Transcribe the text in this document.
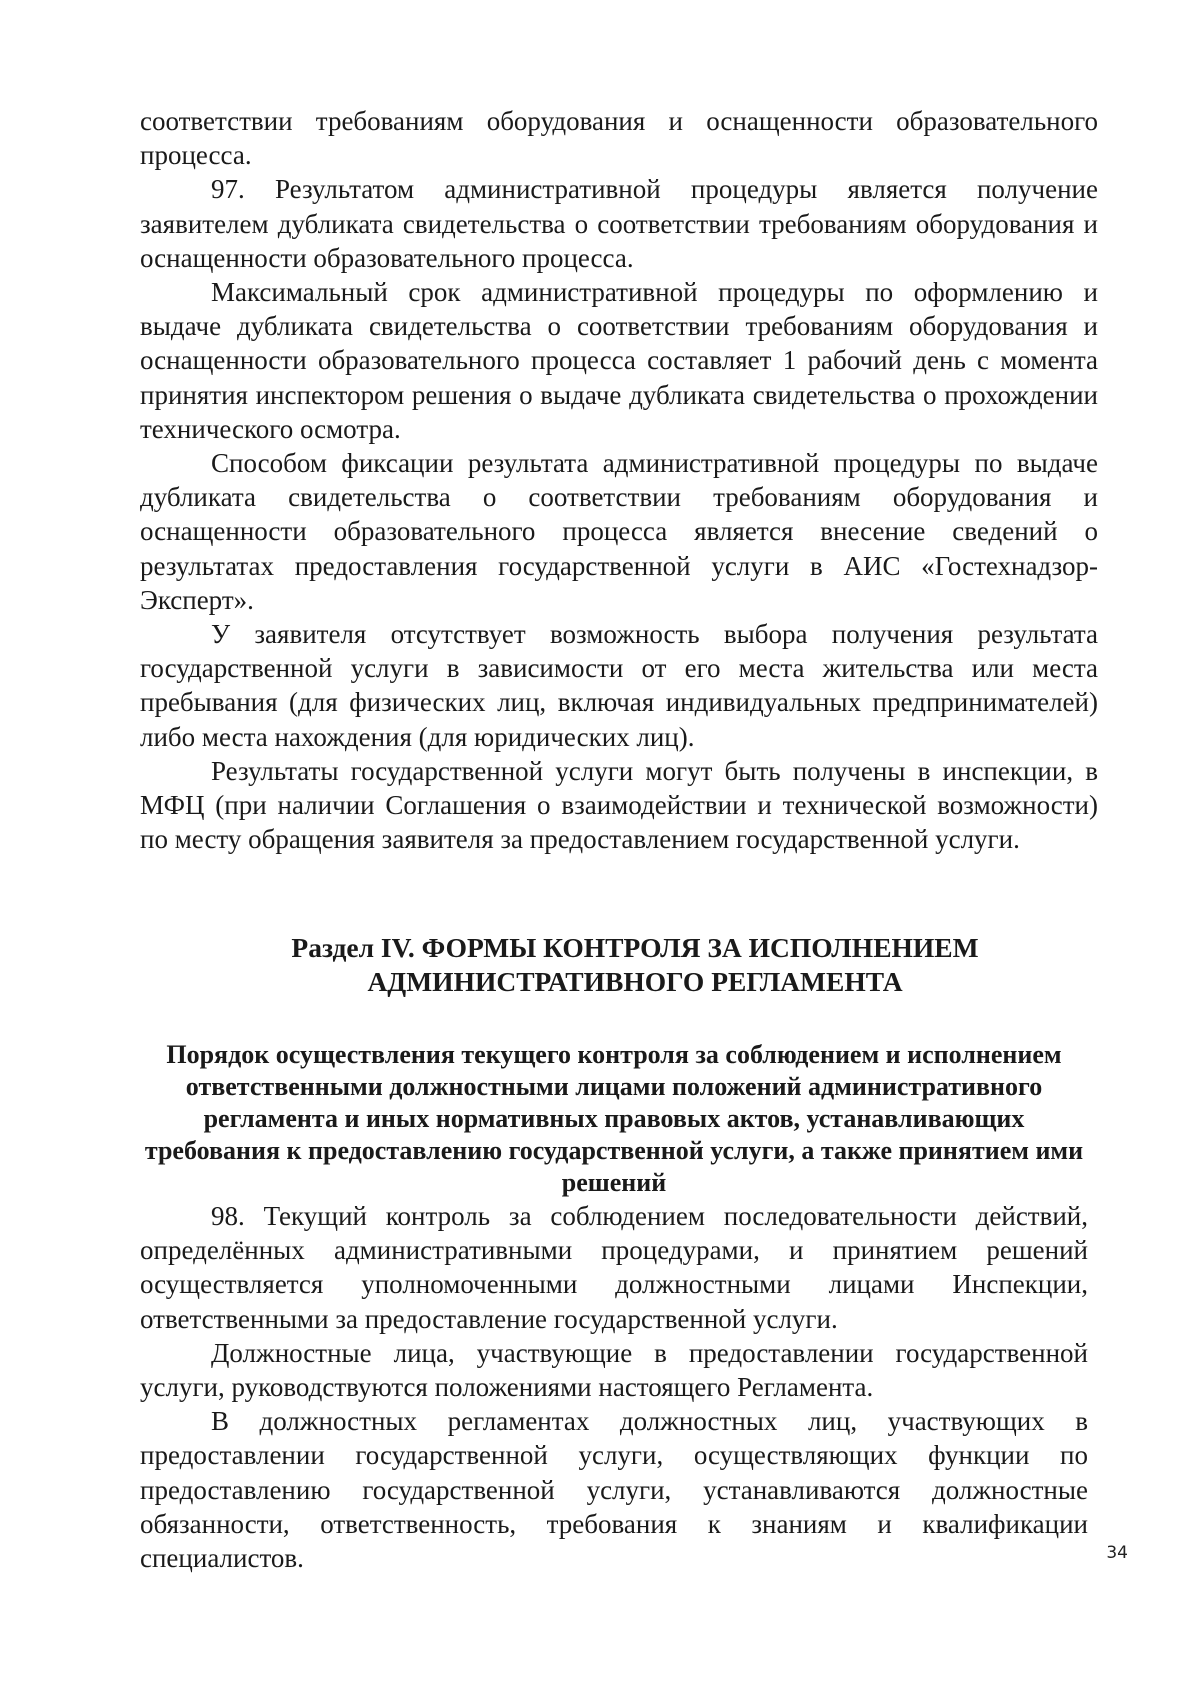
соответствии требованиям оборудования и оснащенности образовательного процесса.

97. Результатом административной процедуры является получение заявителем дубликата свидетельства о соответствии требованиям оборудования и оснащенности образовательного процесса.

Максимальный срок административной процедуры по оформлению и выдаче дубликата свидетельства о соответствии требованиям оборудования и оснащенности образовательного процесса составляет 1 рабочий день с момента принятия инспектором решения о выдаче дубликата свидетельства о прохождении технического осмотра.

Способом фиксации результата административной процедуры по выдаче дубликата свидетельства о соответствии требованиям оборудования и оснащенности образовательного процесса является внесение сведений о результатах предоставления государственной услуги в АИС «Гостехнадзор-Эксперт».

У заявителя отсутствует возможность выбора получения результата государственной услуги в зависимости от его места жительства или места пребывания (для физических лиц, включая индивидуальных предпринимателей) либо места нахождения (для юридических лиц).

Результаты государственной услуги могут быть получены в инспекции, в МФЦ (при наличии Соглашения о взаимодействии и технической возможности) по месту обращения заявителя за предоставлением государственной услуги.

Раздел IV. ФОРМЫ КОНТРОЛЯ ЗА ИСПОЛНЕНИЕМ АДМИНИСТРАТИВНОГО РЕГЛАМЕНТА
Порядок осуществления текущего контроля за соблюдением и исполнением ответственными должностными лицами положений административного регламента и иных нормативных правовых актов, устанавливающих требования к предоставлению государственной услуги, а также принятием ими решений

98. Текущий контроль за соблюдением последовательности действий, определённых административными процедурами, и принятием решений осуществляется уполномоченными должностными лицами Инспекции, ответственными за предоставление государственной услуги.

Должностные лица, участвующие в предоставлении государственной услуги, руководствуются положениями настоящего Регламента.

В должностных регламентах должностных лиц, участвующих в предоставлении государственной услуги, осуществляющих функции по предоставлению государственной услуги, устанавливаются должностные обязанности, ответственность, требования к знаниям и квалификации специалистов.	34
